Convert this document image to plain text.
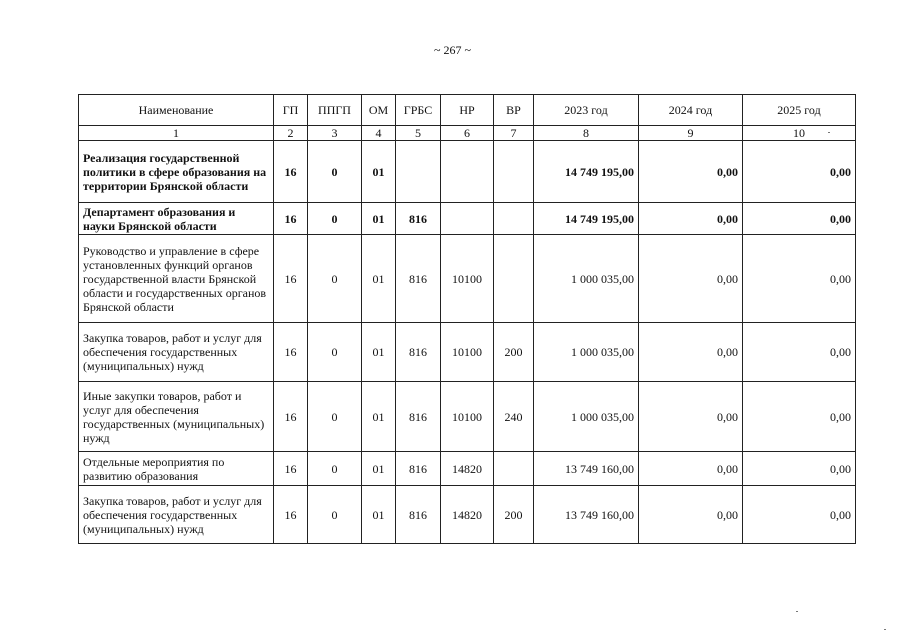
~ 267 ~
Наименование	ГП	ППГП	ОМ	ГРБС	НР	ВР	2023 год	2024 год	2025 год
1	2	3	4	5	6	7	8	9	10
Реализация государственной политики в сфере образования на территории Брянской области	16	0	01				14 749 195,00	0,00	0,00
Департамент образования и науки Брянской области	16	0	01	816			14 749 195,00	0,00	0,00
Руководство и управление в сфере установленных функций органов государственной власти Брянской области и государственных органов Брянской области	16	0	01	816	10100		1 000 035,00	0,00	0,00
Закупка товаров, работ и услуг для обеспечения государственных (муниципальных) нужд	16	0	01	816	10100	200	1 000 035,00	0,00	0,00
Иные закупки товаров, работ и услуг для обеспечения государственных (муниципальных) нужд	16	0	01	816	10100	240	1 000 035,00	0,00	0,00
Отдельные мероприятия по развитию образования	16	0	01	816	14820		13 749 160,00	0,00	0,00
Закупка товаров, работ и услуг для обеспечения государственных (муниципальных) нужд	16	0	01	816	14820	200	13 749 160,00	0,00	0,00
